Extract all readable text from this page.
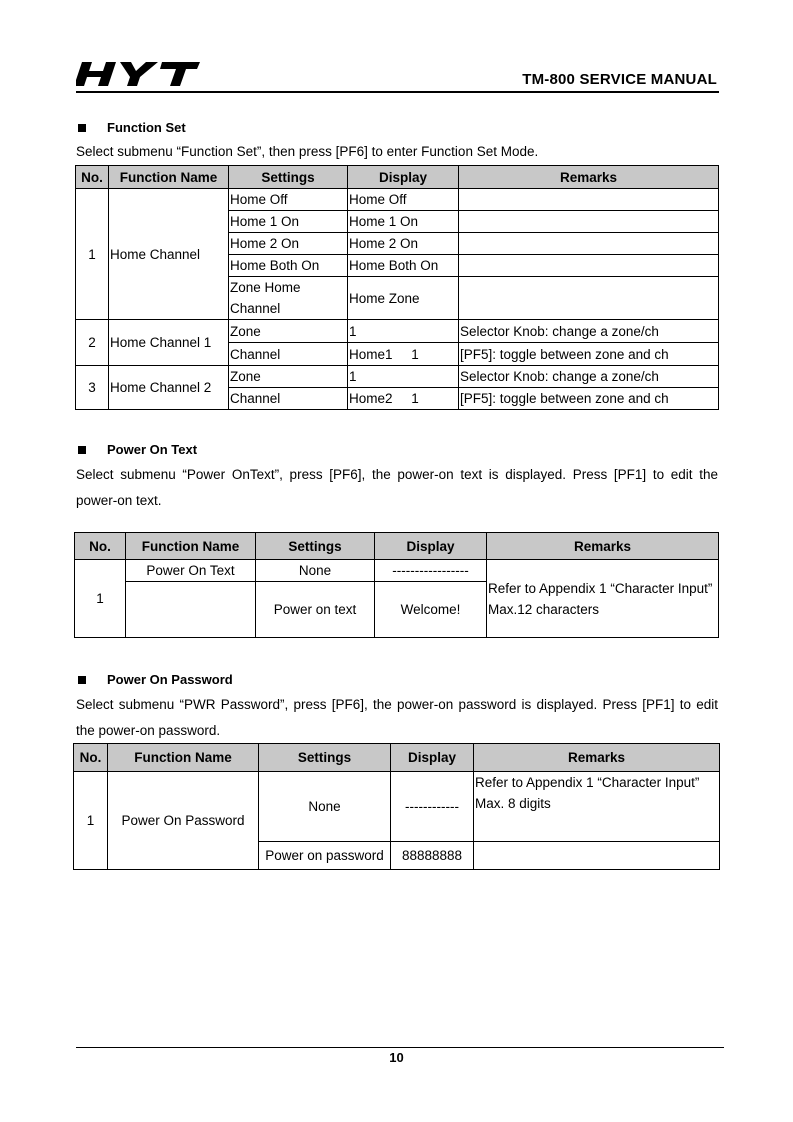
TM-800 SERVICE MANUAL
Function Set
Select submenu “Function Set”, then press [PF6] to enter Function Set Mode.
No.	Function Name	Settings	Display	Remarks
1	Home Channel	Home Off	Home Off	
		Home 1 On	Home 1 On	
		Home 2 On	Home 2 On	
		Home Both On	Home Both On	
		Zone Home Channel	Home Zone	
2	Home Channel 1	Zone	1	Selector Knob: change a zone/ch
		Channel	Home1     1	[PF5]: toggle between zone and ch
3	Home Channel 2	Zone	1	Selector Knob: change a zone/ch
		Channel	Home2     1	[PF5]: toggle between zone and ch
Power On Text
Select submenu “Power OnText”, press [PF6], the power-on text is displayed. Press [PF1] to edit the power-on text.
No.	Function Name	Settings	Display	Remarks
1	Power On Text	None	-----------------	Refer to Appendix 1 “Character Input”
Max.12 characters
		Power on text	Welcome!	
Power On Password
Select submenu “PWR Password”, press [PF6], the power-on password is displayed. Press [PF1] to edit the power-on password.
No.	Function Name	Settings	Display	Remarks
1	Power On Password	None	------------	Refer to Appendix 1 “Character Input”
Max. 8 digits
		Power on password	88888888	
10
